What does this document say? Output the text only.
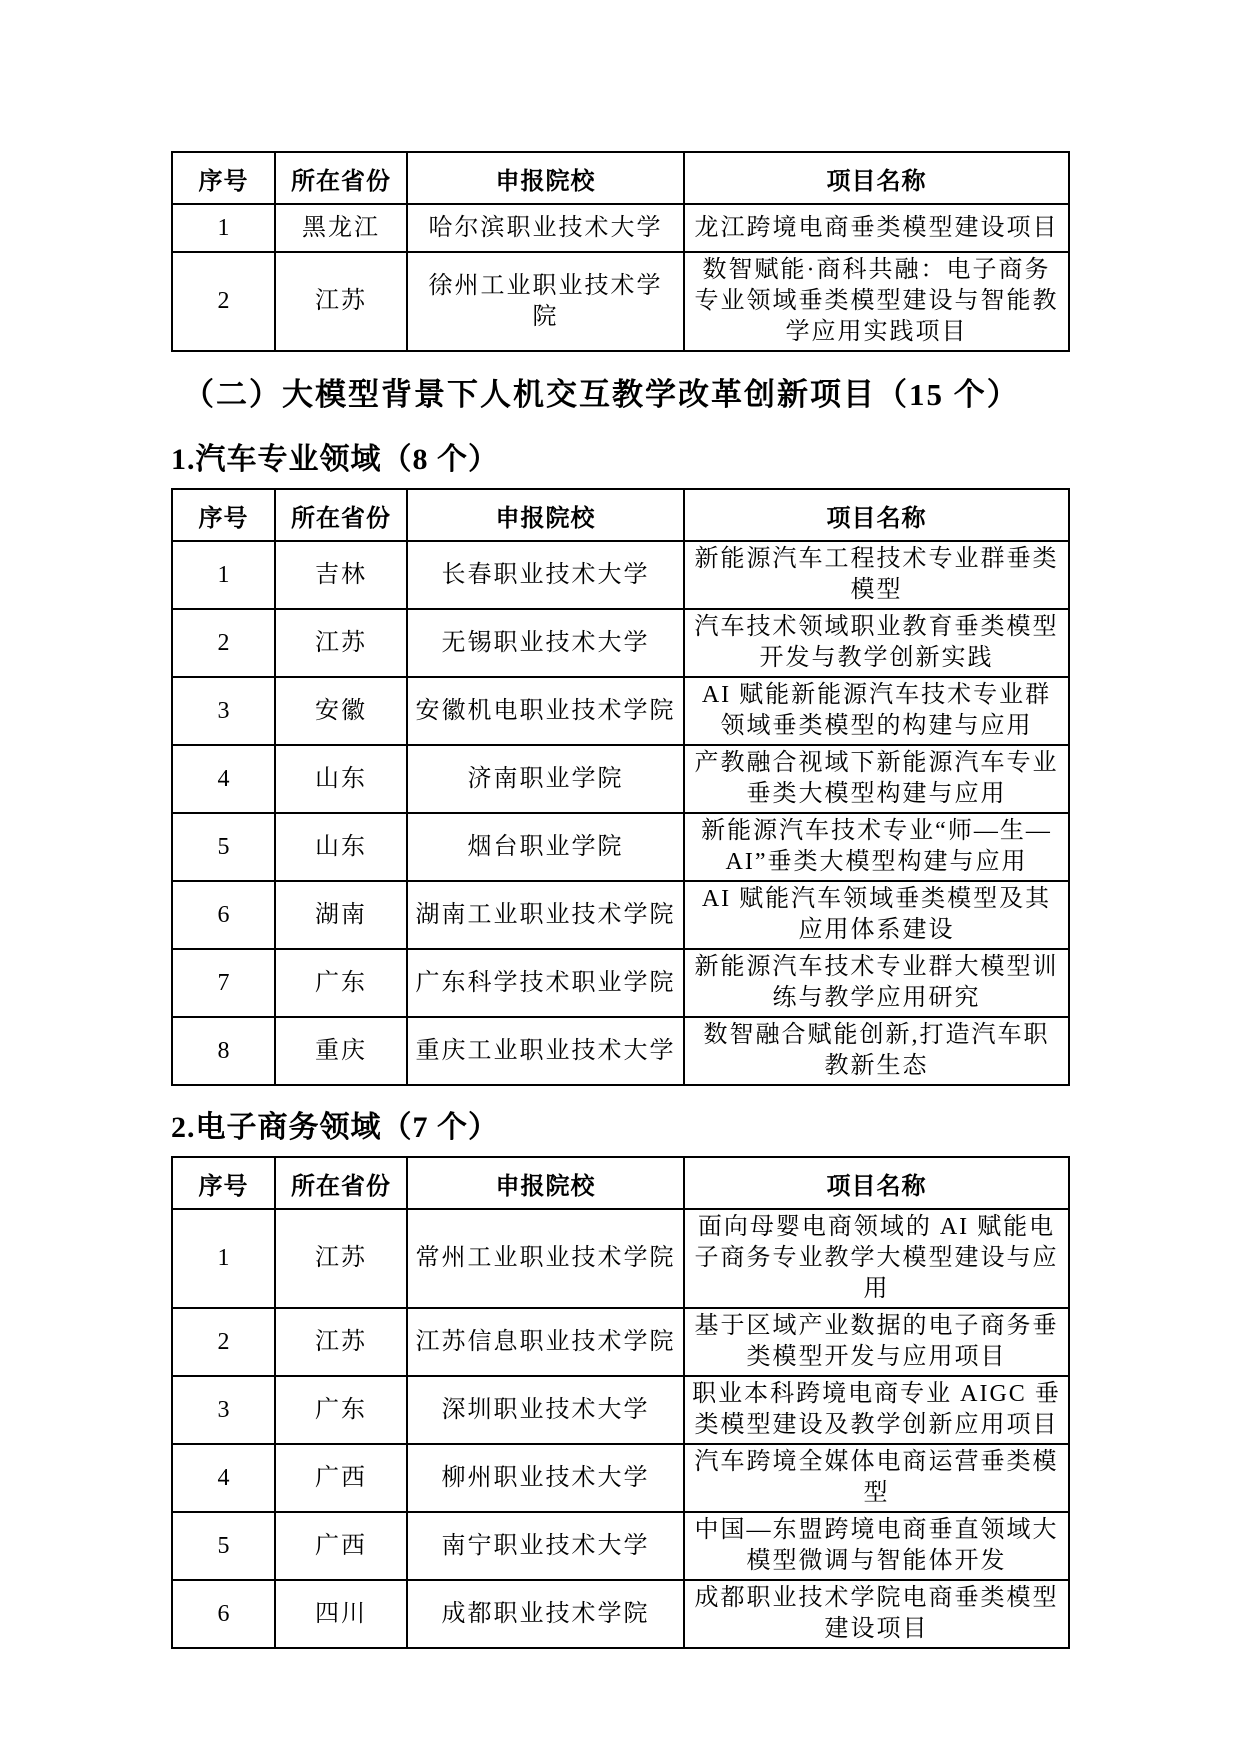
序号	所在省份	申报院校	项目名称
1	黑龙江	哈尔滨职业技术大学	龙江跨境电商垂类模型建设项目
2	江苏	徐州工业职业技术学院	数智赋能·商科共融：电子商务专业领域垂类模型建设与智能教学应用实践项目
（二）大模型背景下人机交互教学改革创新项目（15 个）
1.汽车专业领域（8 个）
序号	所在省份	申报院校	项目名称
1	吉林	长春职业技术大学	新能源汽车工程技术专业群垂类模型
2	江苏	无锡职业技术大学	汽车技术领域职业教育垂类模型开发与教学创新实践
3	安徽	安徽机电职业技术学院	AI 赋能新能源汽车技术专业群领域垂类模型的构建与应用
4	山东	济南职业学院	产教融合视域下新能源汽车专业垂类大模型构建与应用
5	山东	烟台职业学院	新能源汽车技术专业“师—生—AI”垂类大模型构建与应用
6	湖南	湖南工业职业技术学院	AI 赋能汽车领域垂类模型及其应用体系建设
7	广东	广东科学技术职业学院	新能源汽车技术专业群大模型训练与教学应用研究
8	重庆	重庆工业职业技术大学	数智融合赋能创新,打造汽车职教新生态
2.电子商务领域（7 个）
序号	所在省份	申报院校	项目名称
1	江苏	常州工业职业技术学院	面向母婴电商领域的 AI 赋能电子商务专业教学大模型建设与应用
2	江苏	江苏信息职业技术学院	基于区域产业数据的电子商务垂类模型开发与应用项目
3	广东	深圳职业技术大学	职业本科跨境电商专业 AIGC 垂类模型建设及教学创新应用项目
4	广西	柳州职业技术大学	汽车跨境全媒体电商运营垂类模型
5	广西	南宁职业技术大学	中国—东盟跨境电商垂直领域大模型微调与智能体开发
6	四川	成都职业技术学院	成都职业技术学院电商垂类模型建设项目
